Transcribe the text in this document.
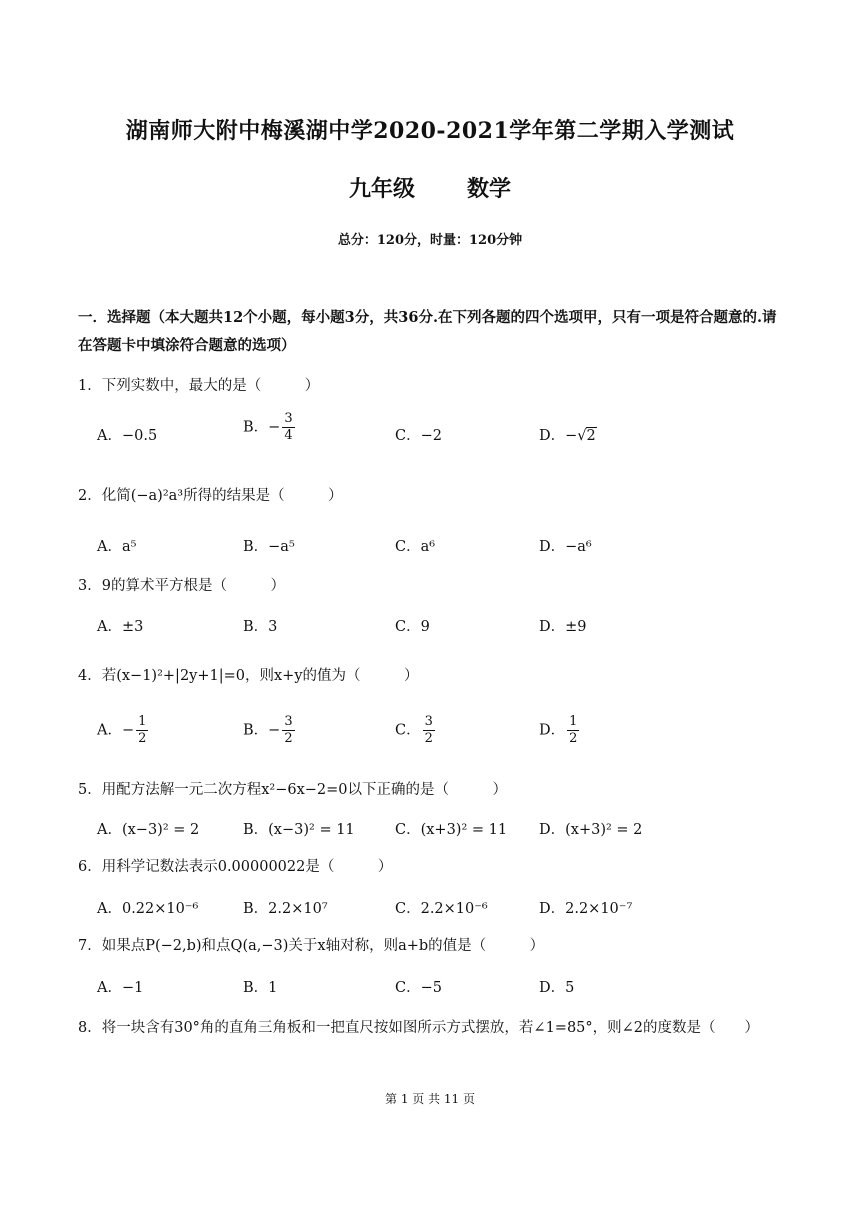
湖南师大附中梅溪湖中学2020-2021学年第二学期入学测试
九年级 数学
总分：120分，时量：120分钟
一．选择题（本大题共12个小题，每小题3分，共36分.在下列各题的四个选项甲，只有一项是符合题意的.请在答题卡中填涂符合题意的选项）
1．下列实数中，最大的是（　　　）
A．−0.5
B．− $\frac{3}{4}$	C．−2	D．−√2
2．化简(−a)²a³所得的结果是（　　　）
A．a⁵	B．−a⁵	C．a⁶	D．−a⁶
3．9的算术平方根是（　　　）
A．±3	B．3	C．9	D．±9
4．若(x−1)²+|2y+1|=0，则x+y的值为（　　　）
A．− $\frac{1}{2}$	B．− $\frac{3}{2}$	C． $\frac{3}{2}$	D． $\frac{1}{2}$
5．用配方法解一元二次方程x²−6x−2=0以下正确的是（　　　）
A．(x−3)² = 2	B．(x−3)² = 11	C．(x+3)² = 11 D．(x+3)² = 2
6．用科学记数法表示0.00000022是（　　　）
A．0.22×10⁻⁶	B．2.2×10⁷	C．2.2×10⁻⁶	D．2.2×10⁻⁷
7．如果点P(−2,b)和点Q(a,−3)关于x轴对称，则a+b的值是（　　　）
A．−1	B．1	C．−5	D．5
8．将一块含有30°角的直角三角板和一把直尺按如图所示方式摆放，若∠1=85°，则∠2的度数是（　　）
第 1 页 共 11 页
